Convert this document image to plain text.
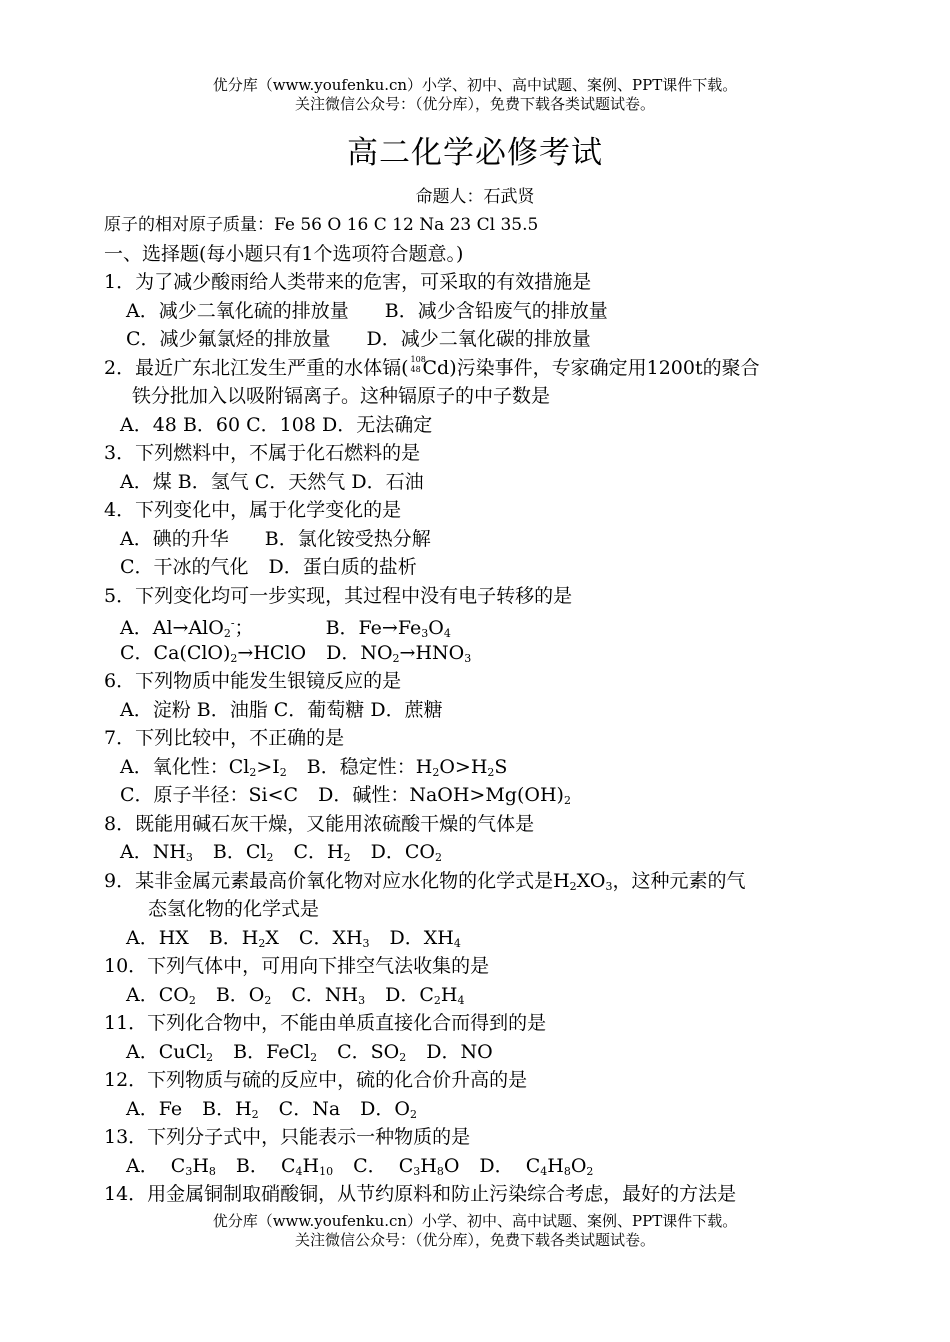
优分库（www.youfenku.cn）小学、初中、高中试题、案例、PPT课件下载。
关注微信公众号：（优分库），免费下载各类试题试卷。
高二化学必修考试
命题人：石武贤
原子的相对原子质量：Fe 56 O 16 C 12 Na 23 Cl 35.5
一、选择题(每小题只有1个选项符合题意。)
1．为了减少酸雨给人类带来的危害，可采取的有效措施是
A．减少二氧化硫的排放量 B．减少含铅废气的排放量
C．减少氟氯烃的排放量 D．减少二氧化碳的排放量
2．最近广东北江发生严重的水体镉( 108
48 Cd)污染事件，专家确定用1200t的聚合
铁分批加入以吸附镉离子。这种镉原子的中子数是
A．48 B．60 C．108 D．无法确定
3．下列燃料中，不属于化石燃料的是
A．煤 B．氢气 C．天然气 D．石油
4．下列变化中，属于化学变化的是
A．碘的升华 B．氯化铵受热分解
C．干冰的气化 D．蛋白质的盐析
5．下列变化均可一步实现，其过程中没有电子转移的是
A．Al→AlO$_2$-；	B．$Fe\to Fe_3O_4$
C．$Ca(ClO)_2\to HClO$ D．$NO_2\to HNO_3$
6．下列物质中能发生银镜反应的是
A．淀粉 B．油脂 C．葡萄糖 D．蔗糖
7．下列比较中，不正确的是
A．氧化性：$Cl_2>I_2$ B．稳定性：$H_2O>H_2S$
C．原子半径：Si<C D．碱性：$NaOH>Mg(OH)_2$
8．既能用碱石灰干燥，又能用浓硫酸干燥的气体是
A．$NH_3$ B．$Cl_2$ C．$H_2$ D．$CO_2$
9．某非金属元素最高价氧化物对应水化物的化学式是$H_2XO_3$，这种元素的气
态氢化物的化学式是
A．HX B．$H_2X$ C．$XH_3$ D．$XH_4$
10．下列气体中，可用向下排空气法收集的是
A．$CO_2$ B．$O_2$ C．$NH_3$ D．$C_2H_4$
11．下列化合物中，不能由单质直接化合而得到的是
A．CuCl$_2$ B．FeCl$_2$ C．$SO_2$ D．NO
12．下列物质与硫的反应中，硫的化合价升高的是
A．Fe B．$H_2$ C．Na D．$O_2$
13．下列分子式中，只能表示一种物质的是
A．  $C_3H_8$ B．  $C_4H_{10}$ C．  $C_3H_8O$ D．  $C_4H_8O_2$
14．用金属铜制取硝酸铜，从节约原料和防止污染综合考虑，最好的方法是
优分库（www.youfenku.cn）小学、初中、高中试题、案例、PPT课件下载。
关注微信公众号：（优分库），免费下载各类试题试卷。
